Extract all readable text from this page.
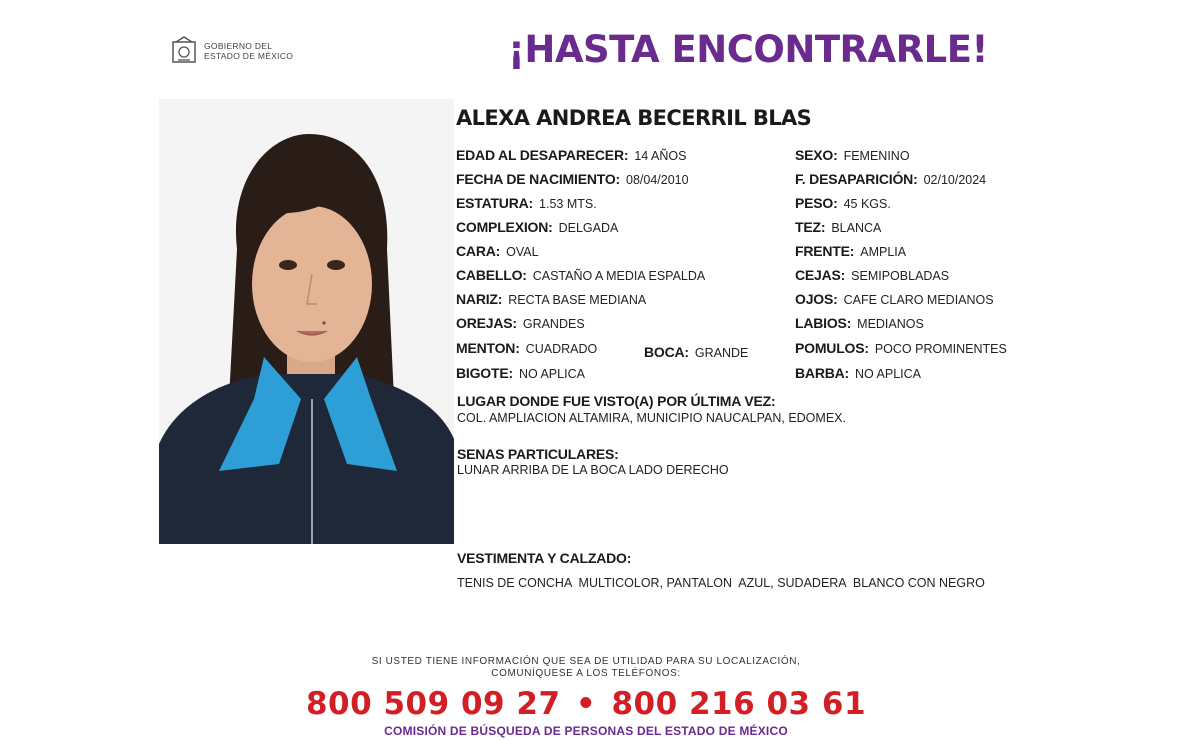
GOBIERNO DEL
ESTADO DE MÉXICO	¡HASTA ENCONTRARLE!
ALEXA ANDREA BECERRIL BLAS
EDAD AL DESAPARECER: 14 AÑOS
FECHA DE NACIMIENTO: 08/04/2010
ESTATURA: 1.53 MTS.
COMPLEXION: DELGADA
CARA: OVAL
CABELLO: CASTAÑO A MEDIA ESPALDA
NARIZ: RECTA BASE MEDIANA
OREJAS: GRANDES
MENTON: CUADRADO
BIGOTE: NO APLICA
BOCA: GRANDE
SEXO: FEMENINO
F. DESAPARICIÓN: 02/10/2024
PESO: 45 KGS.
TEZ: BLANCA
FRENTE: AMPLIA
CEJAS: SEMIPOBLADAS
OJOS: CAFE CLARO MEDIANOS
LABIOS: MEDIANOS
POMULOS: POCO PROMINENTES
BARBA: NO APLICA
LUGAR DONDE FUE VISTO(A) POR ÚLTIMA VEZ:
COL. AMPLIACION ALTAMIRA, MUNICIPIO NAUCALPAN, EDOMEX.
SENAS PARTICULARES:
LUNAR ARRIBA DE LA BOCA LADO DERECHO
VESTIMENTA Y CALZADO:
TENIS DE CONCHA  MULTICOLOR, PANTALON  AZUL, SUDADERA  BLANCO CON NEGRO
SI USTED TIENE INFORMACIÓN QUE SEA DE UTILIDAD PARA SU LOCALIZACIÓN,
COMUNÍQUESE A LOS TELÉFONOS:
800 509 09 27 • 800 216 03 61
COMISIÓN DE BÚSQUEDA DE PERSONAS DEL ESTADO DE MÉXICO
